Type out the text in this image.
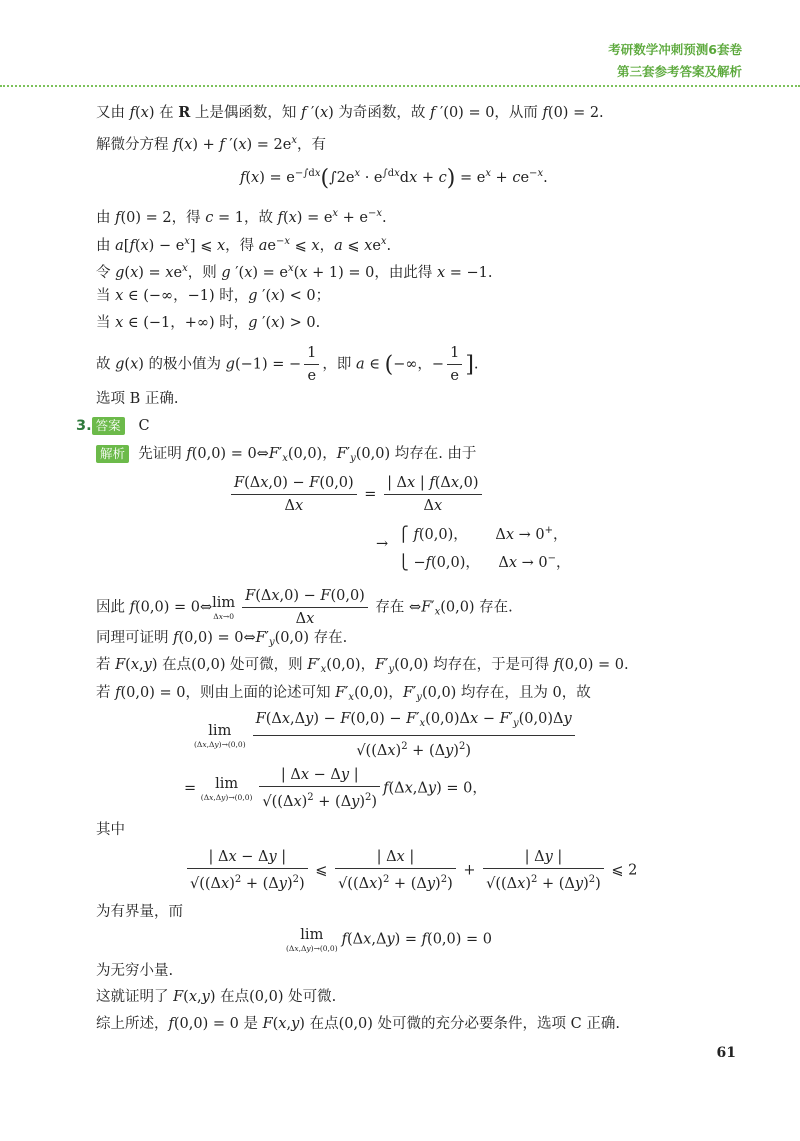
考研数学冲刺预测6套卷
第三套参考答案及解析
又由 f(x) 在 R 上是偶函数，知 f ′(x) 为奇函数，故 f ′(0) = 0，从而 f(0) = 2.
解微分方程 f(x) + f $'(x) = 2e^x$，有
$f(x) = e^{-\int dx}(\int 2e^x \cdot e^{\int dx}dx + c) = e^x + ce^{-x}$.
由 f(0) = 2，得 c = 1，故 $f(x) = e^x + e^{-x}$.
由 $a[f(x) - e^x]$ ⩽ x，得 $ae^{-x}$ ⩽ x，a ⩽ $xe^x$.
令 $g(x) = xe^x$，则 g $'(x) = e^x(x + 1) = 0$，由此得 x = −1.
当 x ∈ (−∞，−1) 时，g ′(x) < 0；
当 x ∈ (−1，+∞) 时，g ′(x) > 0.
故 g(x) 的极小值为 g(−1) = − $\frac{1}{e}$ ，即 a ∈ (−∞，− $\frac{1}{e}$ ].
选项 B 正确.
3. 答案 C
解析  先证明 $f(0,0) = 0\Leftrightarrow F'_x(0,0)$，$F'_y(0,0)$ 均存在. 由于
$\frac{F(\Delta x,0) - F(0,0)}{\Delta x} = \frac{| \Delta x | f(\Delta x,0)}{\Delta x}$
→
⎧ f(0,0)，      Δx → 0+，
⎩ −f(0,0)，    Δx → 0−，
因此 f(0,0) = 0⇔ lim
$\Delta x\to 0 \frac{F(\Delta x,0) - F(0,0)}{\Delta x}$ 存在 $\Leftrightarrow F'_x(0,0)$ 存在.
同理可证明 $f(0,0) = 0\Leftrightarrow F'_y(0,0)$ 存在.
若 F(x,y) 在点(0,0) 处可微，则 $F'_x(0,0)$，$F'_y(0,0)$ 均存在，于是可得 f(0,0) = 0.
若 f(0,0) = 0，则由上面的论述可知 $F'_x(0,0)$，$F'_y(0,0)$ 均存在，且为 0，故
lim
$(\Delta x,\Delta y)\to(0,0) \frac{F(\Delta x,\Delta y) - F(0,0) - F'_x(0,0)\Delta x - F'_y(0,0)\Delta y}{√((\Delta x)^2 + (\Delta y)^2)}$
= lim
$(\Delta x,\Delta y)\to(0,0) \frac{| \Delta x - \Delta y |}{√((\Delta x)^2 + (\Delta y)^2)} f(\Delta x,\Delta y) = 0$，
其中
$\frac{| \Delta x - \Delta y |}{√((\Delta x)^2 + (\Delta y)^2)}$ ⩽ $\frac{| \Delta x |}{√((\Delta x)^2 + (\Delta y)^2)} + \frac{| \Delta y |}{√((\Delta x)^2 + (\Delta y)^2)}$ ⩽ 2
为有界量，而
lim
(Δx,Δy)→(0,0)
f(Δx,Δy) = f(0,0) = 0
为无穷小量.
这就证明了 F(x,y) 在点(0,0) 处可微.
综上所述，f(0,0) = 0 是 F(x,y) 在点(0,0) 处可微的充分必要条件，选项 C 正确.
61
